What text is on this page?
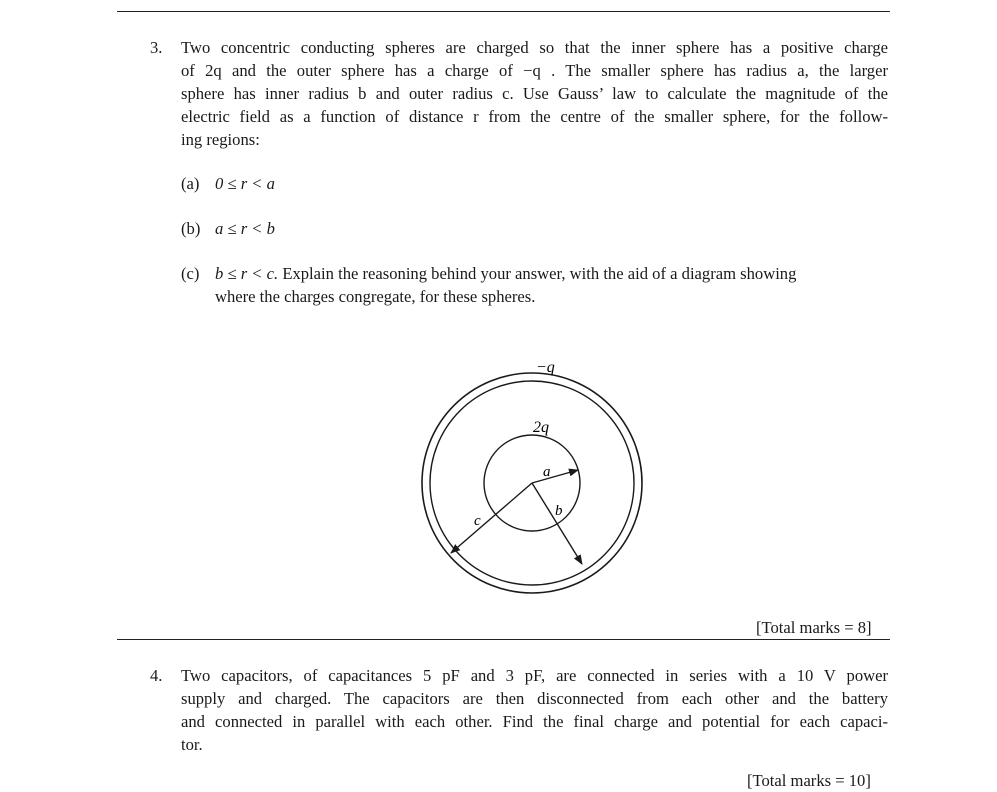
3. Two concentric conducting spheres are charged so that the inner sphere has a positive charge
of 2q and the outer sphere has a charge of −q . The smaller sphere has radius a, the larger
sphere has inner radius b and outer radius c. Use Gauss’ law to calculate the magnitude of the
electric field as a function of distance r from the centre of the smaller sphere, for the follow-
ing regions:
(a) 0 ≤ r < a
(b) a ≤ r < b
(c) b ≤ r < c. Explain the reasoning behind your answer, with the aid of a diagram showing
where the charges congregate, for these spheres.
−q
2q
a
b
c
[Total marks = 8]
4. Two capacitors, of capacitances 5 pF and 3 pF, are connected in series with a 10 V power
supply and charged. The capacitors are then disconnected from each other and the battery
and connected in parallel with each other. Find the final charge and potential for each capaci-
tor.
[Total marks = 10]
